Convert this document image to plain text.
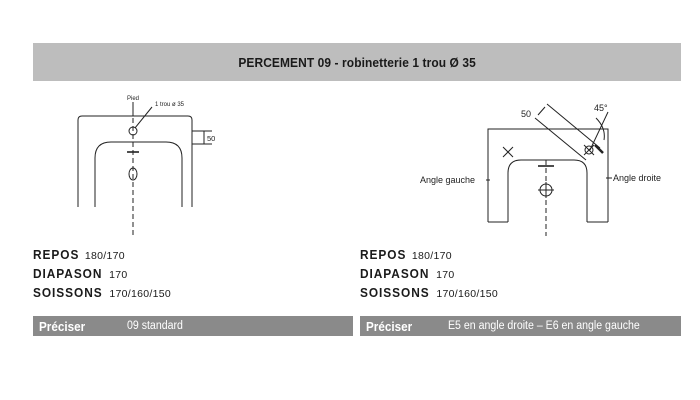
PERCEMENT 09 - robinetterie 1 trou Ø 35
Pied
1 trou ø 35
50
50
45°
Angle gauche	Angle droite
REPOS 180/170
DIAPASON 170
SOISSONS 170/160/150
REPOS 180/170
DIAPASON 170
SOISSONS 170/160/150
Préciser	09 standard	Préciser	E5 en angle droite – E6 en angle gauche
